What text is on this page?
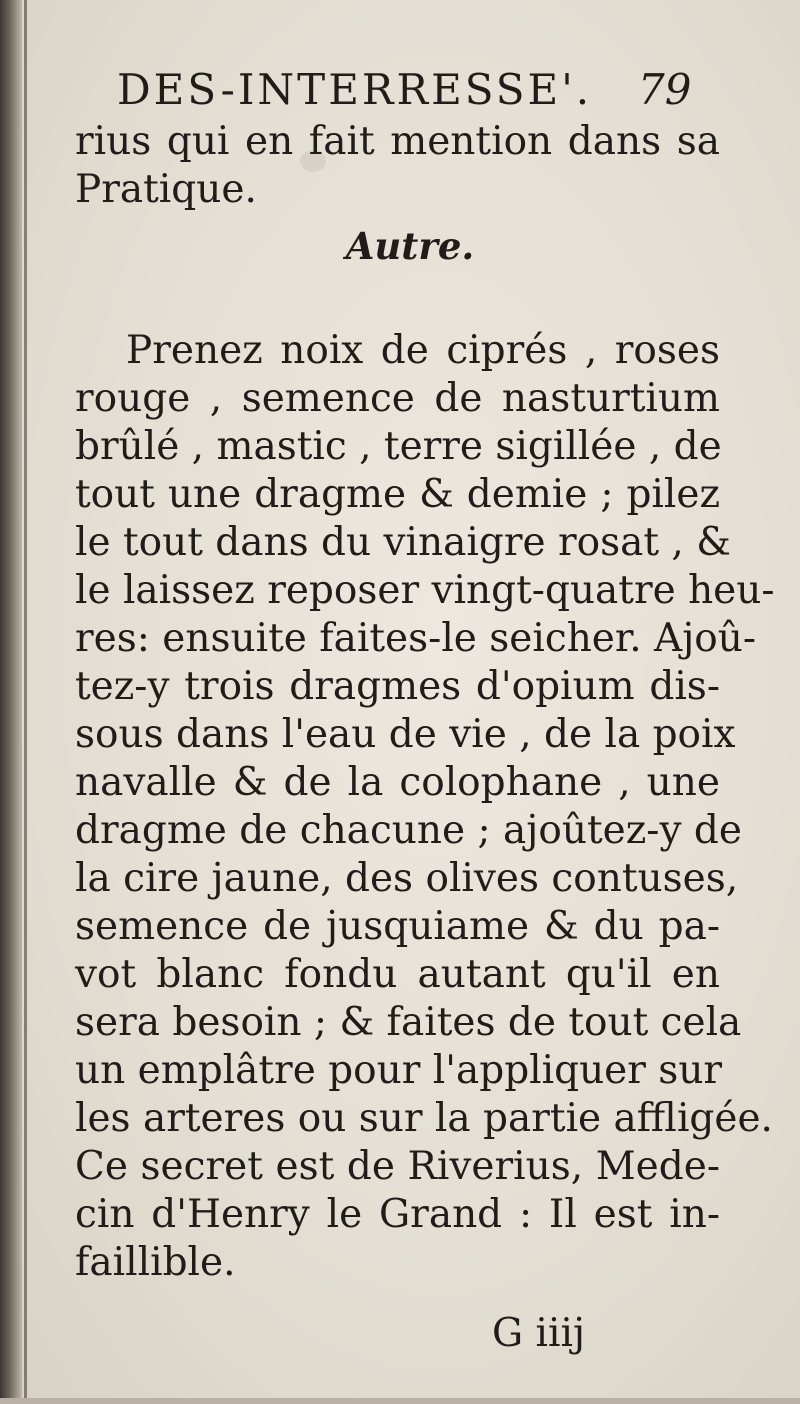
DES-INTERRESSE'. 79
rius qui en fait mention dans sa
Pratique.
Autre.
Prenez noix de ciprés , roses
rouge , semence de nasturtium
brûlé , mastic , terre sigillée , de
tout une dragme & demie ; pilez
le tout dans du vinaigre rosat , &
le laissez reposer vingt-quatre heu-
res: ensuite faites-le seicher. Ajoû-
tez-y trois dragmes d'opium dis-
sous dans l'eau de vie , de la poix
navalle & de la colophane , une
dragme de chacune ; ajoûtez-y de
la cire jaune, des olives contuses,
semence de jusquiame & du pa-
vot blanc fondu autant qu'il en
sera besoin ; & faites de tout cela
un emplâtre pour l'appliquer sur
les arteres ou sur la partie affligée.
Ce secret est de Riverius, Mede-
cin d'Henry le Grand : Il est in-
faillible.
G iiij
